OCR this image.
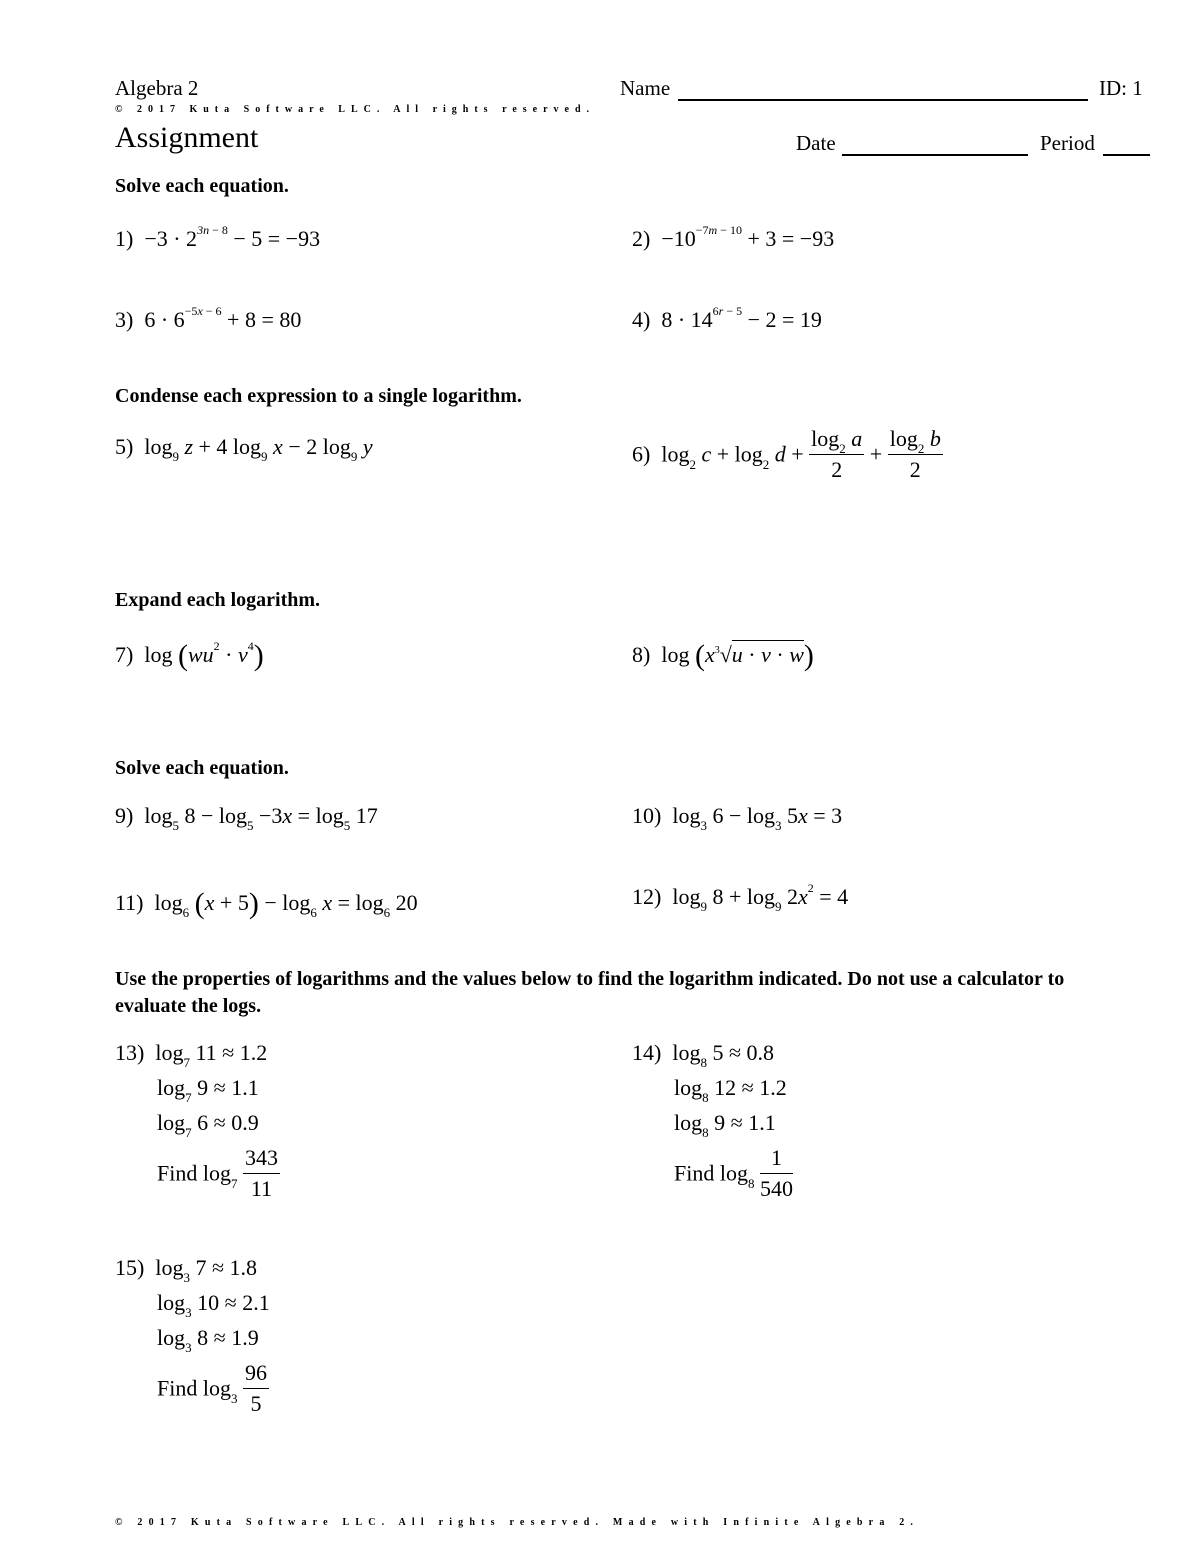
Algebra 2
© 2017 Kuta Software LLC. All rights reserved.
Assignment
Name	ID: 1
Date	Period
Solve each equation.
$1) -3 \cdot 2^{3n - 8} - 5 = -93$	$2) -10^{-7m - 10} + 3 = -93$
3)  $6 \cdot 6^{-5x - 6} + 8 = 80$	4)  $8 \cdot 14^{6r - 5} - 2 = 19$
Condense each expression to a single logarithm.
5)  $\log_9 z + 4$ $\log_9 x - 2$ $\log_9 y$	6)  $\log_2 c + \log_2 d + \frac{\log_2 a}{2} + \frac{\log_2 b}{2}$
Expand each logarithm.
7)  $\log (wu^2 \cdot v^4)$	8)  $\log (x^3√u \cdot v \cdot w)$
Solve each equation.
9)  $\log_5 8 - \log_5 -3x = \log_5 17$	10)  $\log_3 6 - \log_3 5x = 3$
11)  $\log_6 (x + 5) - \log_6 x = \log_6 20$	12)  $\log_9 8 + \log_9 2x^2 = 4$
Use the properties of logarithms and the values below to find the logarithm indicated. Do not use a calculator to evaluate the logs.
13)  $\log_7 11 \approx 1.2$
$\log_7 9 \approx 1.1$
$\log_7 6 \approx 0.9$
Find $\log_7 \frac{343}{11}$
14)  $\log_8 5 \approx 0.8$
$\log_8 12 \approx 1.2$
$\log_8 9 \approx 1.1$
Find $\log_8 \frac{1}{540}$
15)  $\log_3 7 \approx 1.8$
$\log_3 10 \approx 2.1$
$\log_3 8 \approx 1.9$
Find $\log_3 \frac{96}{5}$
© 2017 Kuta Software LLC. All rights reserved. Made with Infinite Algebra 2.
